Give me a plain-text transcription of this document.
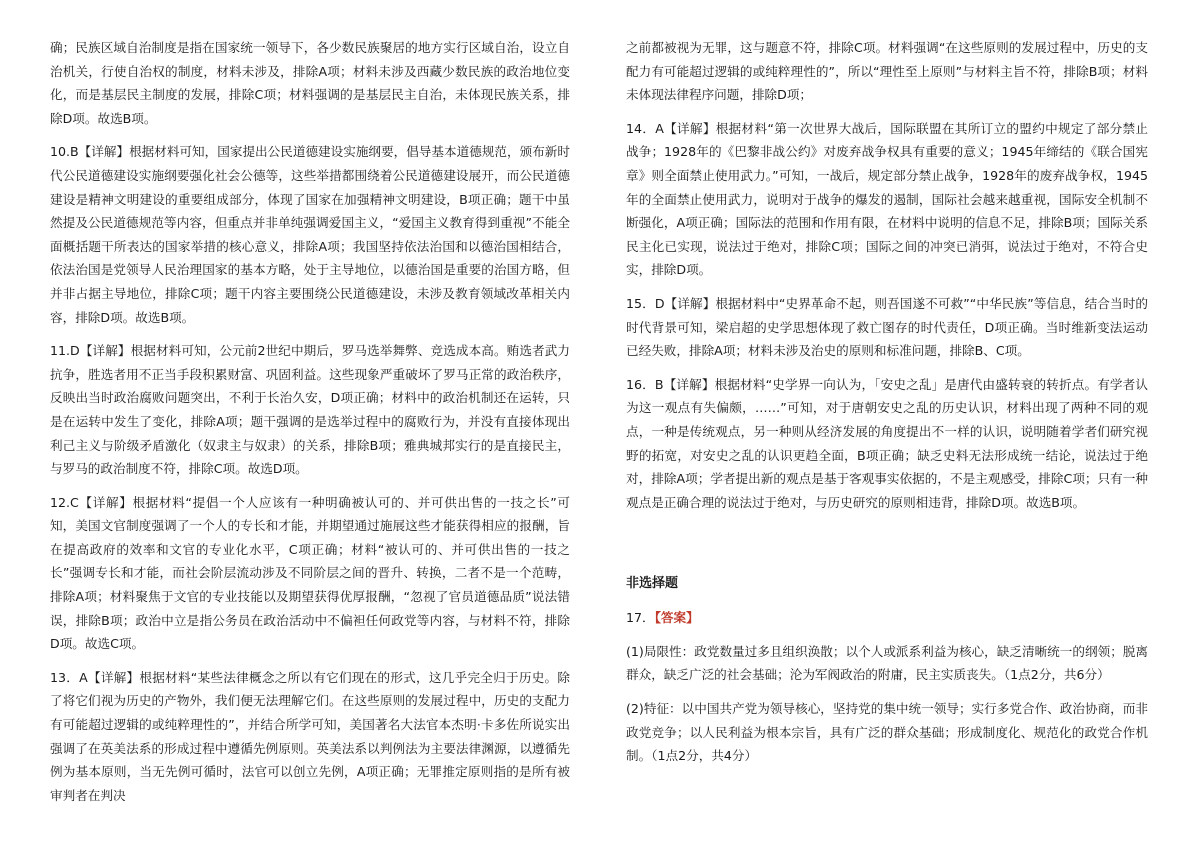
确；民族区域自治制度是指在国家统一领导下，各少数民族聚居的地方实行区域自治，设立自治机关，行使自治权的制度，材料未涉及，排除A项；材料未涉及西藏少数民族的政治地位变化，而是基层民主制度的发展，排除C项；材料强调的是基层民主自治，未体现民族关系，排除D项。故选B项。

10.B【详解】根据材料可知，国家提出公民道德建设实施纲要，倡导基本道德规范，颁布新时代公民道德建设实施纲要强化社会公德等，这些举措都围绕着公民道德建设展开，而公民道德建设是精神文明建设的重要组成部分，体现了国家在加强精神文明建设，B项正确；题干中虽然提及公民道德规范等内容，但重点并非单纯强调爱国主义，“爱国主义教育得到重视”不能全面概括题干所表达的国家举措的核心意义，排除A项；我国坚持依法治国和以德治国相结合，依法治国是党领导人民治理国家的基本方略，处于主导地位，以德治国是重要的治国方略，但并非占据主导地位，排除C项；题干内容主要围绕公民道德建设，未涉及教育领域改革相关内容，排除D项。故选B项。

11.D【详解】根据材料可知，公元前2世纪中期后，罗马选举舞弊、竞选成本高。贿选者武力抗争，胜选者用不正当手段积累财富、巩固利益。这些现象严重破坏了罗马正常的政治秩序，反映出当时政治腐败问题突出，不利于长治久安，D项正确；材料中的政治机制还在运转，只是在运转中发生了变化，排除A项；题干强调的是选举过程中的腐败行为，并没有直接体现出利己主义与阶级矛盾激化（奴隶主与奴隶）的关系，排除B项；雅典城邦实行的是直接民主，与罗马的政治制度不符，排除C项。故选D项。

12.C【详解】根据材料“提倡一个人应该有一种明确被认可的、并可供出售的一技之长”可知，美国文官制度强调了一个人的专长和才能，并期望通过施展这些才能获得相应的报酬，旨在提高政府的效率和文官的专业化水平，C项正确；材料“被认可的、并可供出售的一技之长”强调专长和才能，而社会阶层流动涉及不同阶层之间的晋升、转换，二者不是一个范畴，排除A项；材料聚焦于文官的专业技能以及期望获得优厚报酬，“忽视了官员道德品质”说法错误，排除B项；政治中立是指公务员在政治活动中不偏袒任何政党等内容，与材料不符，排除D项。故选C项。

13．A【详解】根据材料“某些法律概念之所以有它们现在的形式，这几乎完全归于历史。除了将它们视为历史的产物外，我们便无法理解它们。在这些原则的发展过程中，历史的支配力有可能超过逻辑的或纯粹理性的”，并结合所学可知，美国著名大法官本杰明·卡多佐所说实出强调了在英美法系的形成过程中遵循先例原则。英美法系以判例法为主要法律渊源，以遵循先例为基本原则，当无先例可循时，法官可以创立先例，A项正确；无罪推定原则指的是所有被审判者在判决

之前都被视为无罪，这与题意不符，排除C项。材料强调“在这些原则的发展过程中，历史的支配力有可能超过逻辑的或纯粹理性的”，所以“理性至上原则”与材料主旨不符，排除B项；材料未体现法律程序问题，排除D项；

14．A【详解】根据材料“第一次世界大战后，国际联盟在其所订立的盟约中规定了部分禁止战争；1928年的《巴黎非战公约》对废弃战争权具有重要的意义；1945年缔结的《联合国宪章》则全面禁止使用武力。”可知，一战后，规定部分禁止战争，1928年的废弃战争权，1945年的全面禁止使用武力，说明对于战争的爆发的遏制，国际社会越来越重视，国际安全机制不断强化，A项正确；国际法的范围和作用有限，在材料中说明的信息不足，排除B项；国际关系民主化已实现，说法过于绝对，排除C项；国际之间的冲突已消弭，说法过于绝对，不符合史实，排除D项。

15．D【详解】根据材料中“史界革命不起，则吾国遂不可救”“中华民族”等信息，结合当时的时代背景可知，梁启超的史学思想体现了救亡图存的时代责任，D项正确。当时维新变法运动已经失败，排除A项；材料未涉及治史的原则和标准问题，排除B、C项。

16．B【详解】根据材料“史学界一向认为，「安史之乱」是唐代由盛转衰的转折点。有学者认为这一观点有失偏颇，……”可知，对于唐朝安史之乱的历史认识，材料出现了两种不同的观点，一种是传统观点，另一种则从经济发展的角度提出不一样的认识，说明随着学者们研究视野的拓宽，对安史之乱的认识更趋全面，B项正确；缺乏史料无法形成统一结论，说法过于绝对，排除A项；学者提出新的观点是基于客观事实依据的，不是主观感受，排除C项；只有一种观点是正确合理的说法过于绝对，与历史研究的原则相违背，排除D项。故选B项。

非选择题

17．【答案】

(1)局限性：政党数量过多且组织涣散；以个人或派系利益为核心，缺乏清晰统一的纲领；脱离群众，缺乏广泛的社会基础；沦为军阀政治的附庸，民主实质丧失。（1点2分，共6分）

(2)特征：以中国共产党为领导核心，坚持党的集中统一领导；实行多党合作、政治协商，而非政党竞争；以人民利益为根本宗旨，具有广泛的群众基础；形成制度化、规范化的政党合作机制。（1点2分，共4分）
